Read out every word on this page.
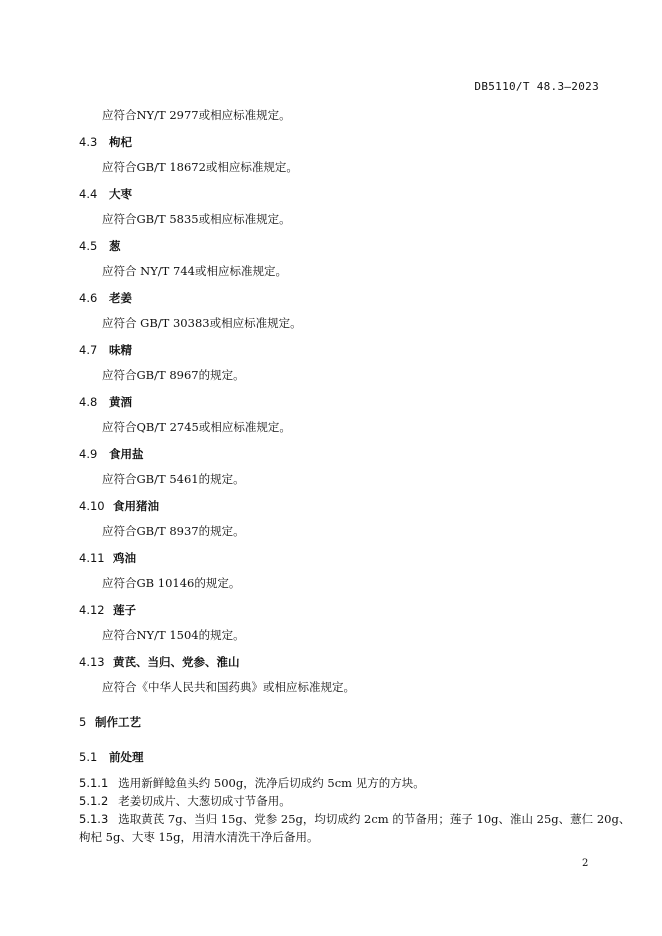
DB5110/T 48.3—2023
应符合NY/T 2977或相应标准规定。
4.3 枸杞
应符合GB/T 18672或相应标准规定。
4.4 大枣
应符合GB/T 5835或相应标准规定。
4.5 葱
应符合 NY/T 744或相应标准规定。
4.6 老姜
应符合 GB/T 30383或相应标准规定。
4.7 味精
应符合GB/T 8967的规定。
4.8 黄酒
应符合QB/T 2745或相应标准规定。
4.9 食用盐
应符合GB/T 5461的规定。
4.10 食用猪油
应符合GB/T 8937的规定。
4.11 鸡油
应符合GB 10146的规定。
4.12 莲子
应符合NY/T 1504的规定。
4.13 黄芪、当归、党参、淮山
应符合《中华人民共和国药典》或相应标准规定。
5 制作工艺
5.1 前处理
5.1.1 选用新鲜鲶鱼头约 500g，洗净后切成约 5cm 见方的方块。
5.1.2 老姜切成片、大葱切成寸节备用。
5.1.3 选取黄芪 7g、当归 15g、党参 25g，均切成约 2cm 的节备用；莲子 10g、淮山 25g、薏仁 20g、
枸杞 5g、大枣 15g，用清水清洗干净后备用。
2
